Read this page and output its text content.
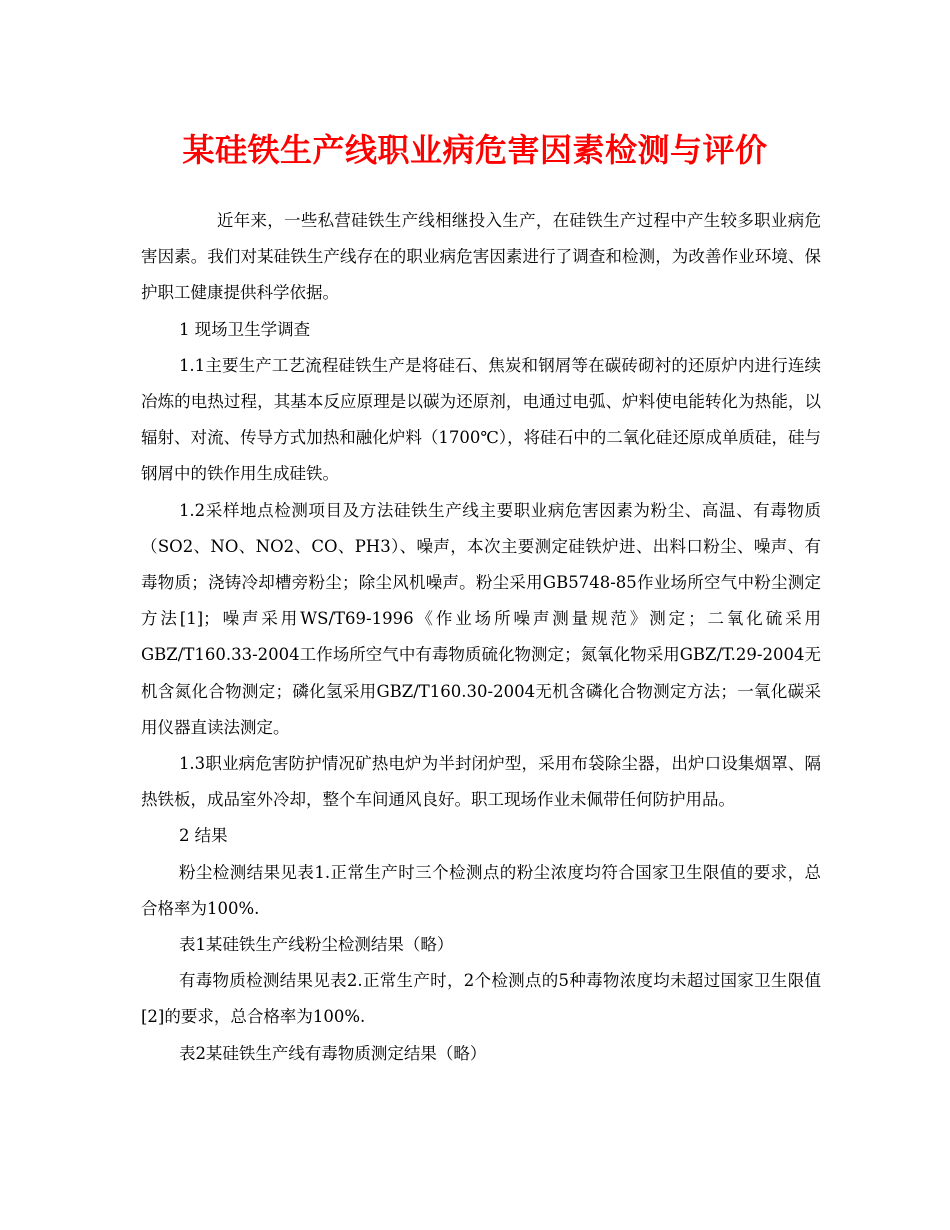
某硅铁生产线职业病危害因素检测与评价

近年来，一些私营硅铁生产线相继投入生产，在硅铁生产过程中产生较多职业病危害因素。我们对某硅铁生产线存在的职业病危害因素进行了调查和检测，为改善作业环境、保护职工健康提供科学依据。

1 现场卫生学调查

1.1主要生产工艺流程硅铁生产是将硅石、焦炭和钢屑等在碳砖砌衬的还原炉内进行连续冶炼的电热过程，其基本反应原理是以碳为还原剂，电通过电弧、炉料使电能转化为热能，以辐射、对流、传导方式加热和融化炉料（1700℃），将硅石中的二氧化硅还原成单质硅，硅与钢屑中的铁作用生成硅铁。

1.2采样地点检测项目及方法硅铁生产线主要职业病危害因素为粉尘、高温、有毒物质（SO2、NO、NO2、CO、PH3）、噪声，本次主要测定硅铁炉进、出料口粉尘、噪声、有毒物质；浇铸冷却槽旁粉尘；除尘风机噪声。粉尘采用GB5748-85作业场所空气中粉尘测定方法[1]；噪声采用WS/T69-1996《作业场所噪声测量规范》测定；二氧化硫采用GBZ/T160.33-2004工作场所空气中有毒物质硫化物测定；氮氧化物采用GBZ/T.29-2004无机含氮化合物测定；磷化氢采用GBZ/T160.30-2004无机含磷化合物测定方法；一氧化碳采用仪器直读法测定。

1.3职业病危害防护情况矿热电炉为半封闭炉型，采用布袋除尘器，出炉口设集烟罩、隔热铁板，成品室外冷却，整个车间通风良好。职工现场作业未佩带任何防护用品。

2 结果

粉尘检测结果见表1.正常生产时三个检测点的粉尘浓度均符合国家卫生限值的要求，总合格率为100%.

表1某硅铁生产线粉尘检测结果（略）

有毒物质检测结果见表2.正常生产时，2个检测点的5种毒物浓度均未超过国家卫生限值[2]的要求，总合格率为100%.

表2某硅铁生产线有毒物质测定结果（略）
